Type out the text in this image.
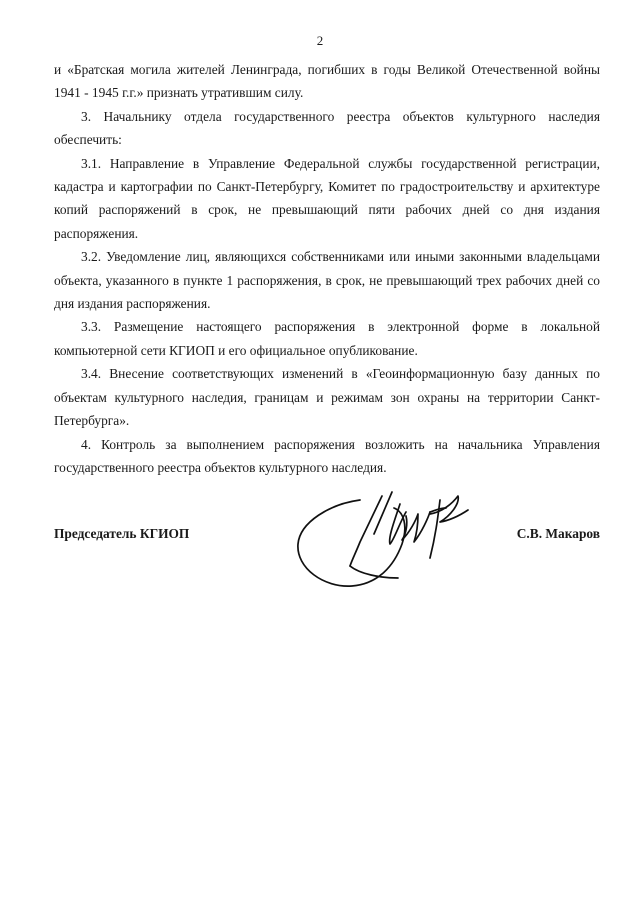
2

и «Братская могила жителей Ленинграда, погибших в годы Великой Отечественной войны 1941 - 1945 г.г.» признать утратившим силу.

3. Начальнику отдела государственного реестра объектов культурного наследия обеспечить:

3.1. Направление в Управление Федеральной службы государственной регистрации, кадастра и картографии по Санкт-Петербургу, Комитет по градостроительству и архитектуре копий распоряжений в срок, не превышающий пяти рабочих дней со дня издания распоряжения.

3.2. Уведомление лиц, являющихся собственниками или иными законными владельцами объекта, указанного в пункте 1 распоряжения, в срок, не превышающий трех рабочих дней со дня издания распоряжения.

3.3. Размещение настоящего распоряжения в электронной форме в локальной компьютерной сети КГИОП и его официальное опубликование.

3.4. Внесение соответствующих изменений в «Геоинформационную базу данных по объектам культурного наследия, границам и режимам зон охраны на территории Санкт-Петербурга».

4. Контроль за выполнением распоряжения возложить на начальника Управления государственного реестра объектов культурного наследия.

Председатель КГИОП	С.В. Макаров
